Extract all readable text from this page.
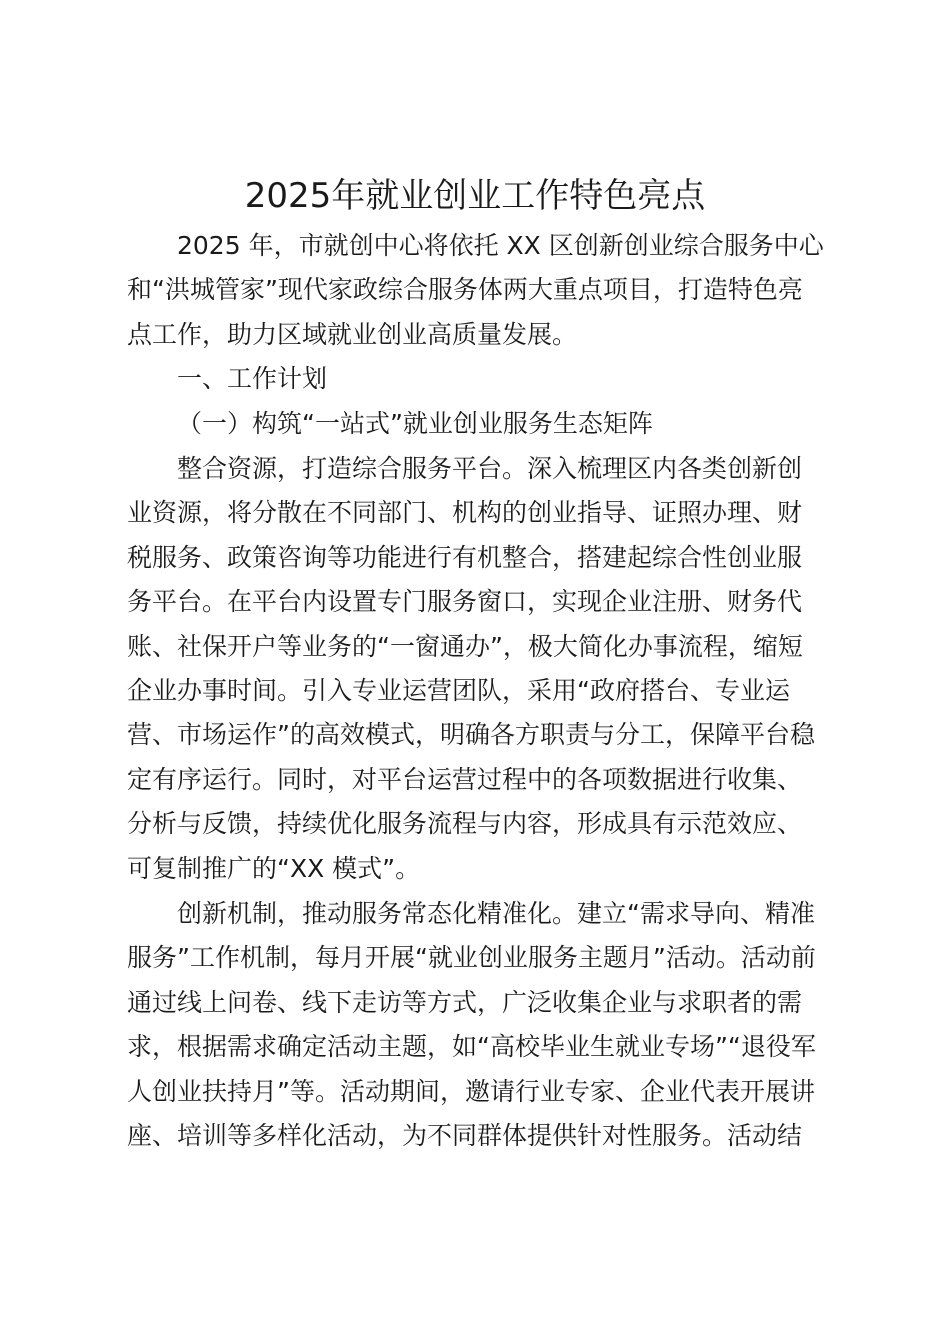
2025年就业创业工作特色亮点
2025 年，市就创中心将依托 XX 区创新创业综合服务中心
和“洪城管家”现代家政综合服务体两大重点项目，打造特色亮
点工作，助力区域就业创业高质量发展。
一、工作计划
（一）构筑“一站式”就业创业服务生态矩阵
整合资源，打造综合服务平台。深入梳理区内各类创新创
业资源，将分散在不同部门、机构的创业指导、证照办理、财
税服务、政策咨询等功能进行有机整合，搭建起综合性创业服
务平台。在平台内设置专门服务窗口，实现企业注册、财务代
账、社保开户等业务的“一窗通办”，极大简化办事流程，缩短
企业办事时间。引入专业运营团队，采用“政府搭台、专业运
营、市场运作”的高效模式，明确各方职责与分工，保障平台稳
定有序运行。同时，对平台运营过程中的各项数据进行收集、
分析与反馈，持续优化服务流程与内容，形成具有示范效应、
可复制推广的“XX 模式”。
创新机制，推动服务常态化精准化。建立“需求导向、精准
服务”工作机制，每月开展“就业创业服务主题月”活动。活动前
通过线上问卷、线下走访等方式，广泛收集企业与求职者的需
求，根据需求确定活动主题，如“高校毕业生就业专场”“退役军
人创业扶持月”等。活动期间，邀请行业专家、企业代表开展讲
座、培训等多样化活动，为不同群体提供针对性服务。活动结
